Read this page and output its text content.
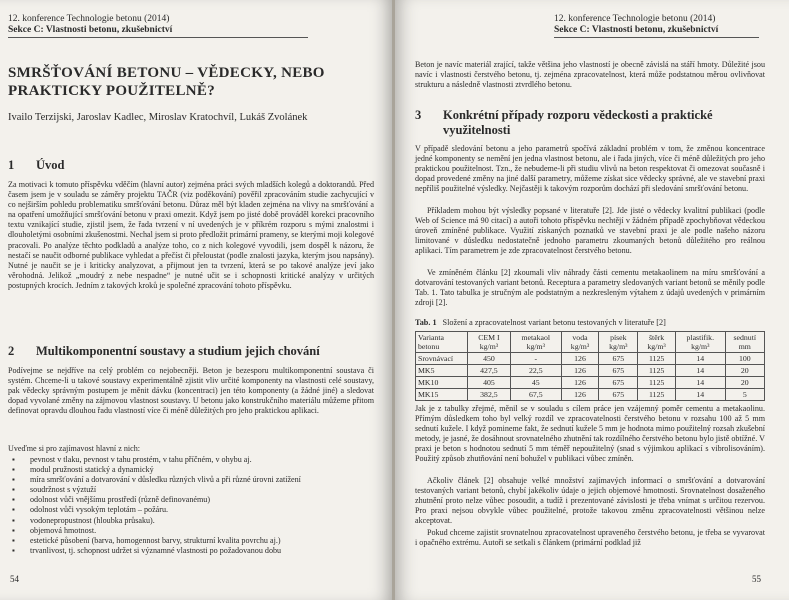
12. konference Technologie betonu (2014)
Sekce C: Vlastnosti betonu, zkušebnictví
SMRŠŤOVÁNÍ BETONU – VĚDECKY, NEBO PRAKTICKY POUŽITELNĚ?
Ivailo Terzijski, Jaroslav Kadlec, Miroslav Kratochvíl, Lukáš Zvolánek
1 Úvod

Za motivaci k tomuto příspěvku vděčím (hlavní autor) zejména práci svých mladších kolegů a doktorandů. Před časem jsem je v souladu se záměry projektu TAČR (viz poděkování) pověřil zpracováním studie zachycující v co nejširším pohledu problematiku smršťování betonu. Důraz měl být kladen zejména na vlivy na smršťování a na opatření umožňující smršťování betonu v praxi omezit. Když jsem po jisté době prováděl korekci pracovního textu vznikající studie, zjistil jsem, že řada tvrzení v ní uvedených je v příkrém rozporu s mými znalostmi i dlouholetými osobními zkušenostmi. Nechal jsem si proto předložit primární prameny, se kterými moji kolegové pracovali. Po analýze těchto podkladů a analýze toho, co z nich kolegové vyvodili, jsem dospěl k názoru, že nestačí se naučit odborné publikace vyhledat a přečíst či přeloustat (podle znalosti jazyka, kterým jsou napsány). Nutné je naučit se je i kriticky analyzovat, a přijmout jen ta tvrzení, která se po takové analýze jeví jako věrohodná. Jelikož „moudrý z nebe nespadne“ je nutné učit se i schopnosti kritické analýzy v určitých postupných krocích. Jedním z takových kroků je společné zpracování tohoto příspěvku.

2 Multikomponentní soustavy a studium jejich chování

Podívejme se nejdříve na celý problém co nejobecněji. Beton je bezesporu multikomponentní soustava či systém. Chceme-li u takové soustavy experimentálně zjistit vliv určité komponenty na vlastnosti celé soustavy, pak vědecky správným postupem je měnit dávku (koncentraci) jen této komponenty (a žádné jiné) a sledovat dopad vyvolané změny na zájmovou vlastnost soustavy. U betonu jako konstrukčního materiálu můžeme přitom definovat opravdu dlouhou řadu vlastností více či méně důležitých pro jeho praktickou aplikaci.

Uveďme si pro zajímavost hlavní z nich:

▪ pevnost v tlaku, pevnost v tahu prostém, v tahu příčném, v ohybu aj.
▪ modul pružnosti statický a dynamický
▪ míra smršťování a dotvarování v důsledku různých vlivů a při různé úrovni zatížení
▪ soudržnost s výztuží
▪ odolnost vůči vnějšímu prostředí (různě definovanému)
▪ odolnost vůči vysokým teplotám – požáru.
▪ vodonepropustnost (hloubka průsaku).
▪ objemová hmotnost.
▪ estetické působení (barva, homogennost barvy, strukturní kvalita povrchu aj.)
▪ trvanlivost, tj. schopnost udržet si významné vlastnosti po požadovanou dobu
54
12. konference Technologie betonu (2014)
Sekce C: Vlastnosti betonu, zkušebnictví

Beton je navíc materiál zrající, takže většina jeho vlastností je obecně závislá na stáří hmoty. Důležité jsou navíc i vlastnosti čerstvého betonu, tj. zejména zpracovatelnost, která může podstatnou měrou ovlivňovat strukturu a následně vlastnosti ztvrdlého betonu.

3 Konkrétní případy rozporu vědeckosti a praktické
využitelnosti

V případě sledování betonu a jeho parametrů spočívá základní problém v tom, že změnou koncentrace jedné komponenty se nemění jen jedna vlastnost betonu, ale i řada jiných, více či méně důležitých pro jeho praktickou použitelnost. Tzn., že nebudeme-li při studiu vlivů na beton respektovat či omezovat současně i dopad provedené změny na jiné další parametry, můžeme získat sice vědecky správné, ale ve stavební praxi nepříliš použitelné výsledky. Nejčastěji k takovým rozporům dochází při sledování smršťování betonu.

Příkladem mohou být výsledky popsané v literatuře [2]. Jde jisté o vědecky kvalitní publikaci (podle Web of Science má 90 citací) a autoři tohoto příspěvku nechtějí v žádném případě zpochybňovat vědeckou úroveň zmíněné publikace. Využití získaných poznatků ve stavební praxi je ale podle našeho názoru limitované v důsledku nedostatečně jednoho parametru zkoumaných betonů důležitého pro reálnou aplikaci. Tím parametrem je zde zpracovatelnost čerstvého betonu.

Ve zmíněném článku [2] zkoumali vliv náhrady části cementu metakaolinem na míru smršťování a dotvarování testovaných variant betonů. Receptura a parametry sledovaných variant betonů se měnily podle Tab. 1. Tato tabulka je stručným ale podstatným a nezkresleným výtahem z údajů uvedených v primárním zdroji [2].

Tab. 1 Složení a zpracovatelnost variant betonu testovaných v literatuře [2]
Varianta betonu	CEM I kg/m³	metakaol kg/m³	voda kg/m³	písek kg/m³	štěrk kg/m³	plastifik. kg/m³	sednutí mm
Srovnávací	450	-	126	675	1125	14	100
MK5	427,5	22,5	126	675	1125	14	20
MK10	405	45	126	675	1125	14	20
MK15	382,5	67,5	126	675	1125	14	5

Jak je z tabulky zřejmé, měnil se v souladu s cílem práce jen vzájemný poměr cementu a metakaolinu. Přímým důsledkem toho byl velký rozdíl ve zpracovatelnosti čerstvého betonu v rozsahu 100 až 5 mm sednutí kužele. I když pomineme fakt, že sednutí kužele 5 mm je hodnota mimo použitelný rozsah zkušební metody, je jasné, že dosáhnout srovnatelného zhutnění tak rozdílného čerstvého betonu bylo jistě obtížné. V praxi je beton s hodnotou sednutí 5 mm téměř nepoužitelný (snad s výjimkou aplikací s vibrolisováním). Použitý způsob zhutňování není bohužel v publikaci vůbec zmíněn.

Ačkoliv článek [2] obsahuje velké množství zajímavých informací o smršťování a dotvarování testovaných variant betonů, chybí jakékoliv údaje o jejich objemové hmotnosti. Srovnatelnost dosaženého zhutnění proto nelze vůbec posoudit, a tudíž i prezentované závislosti je třeba vnímat s určitou rezervou. Pro praxi nejsou obvykle vůbec použitelné, protože takovou změnu zpracovatelnosti většinou nelze akceptovat.

Pokud chceme zajistit srovnatelnou zpracovatelnost upraveného čerstvého betonu, je třeba se vyvarovat i opačného extrému. Autoři se setkali s článkem (primární podklad již

55
